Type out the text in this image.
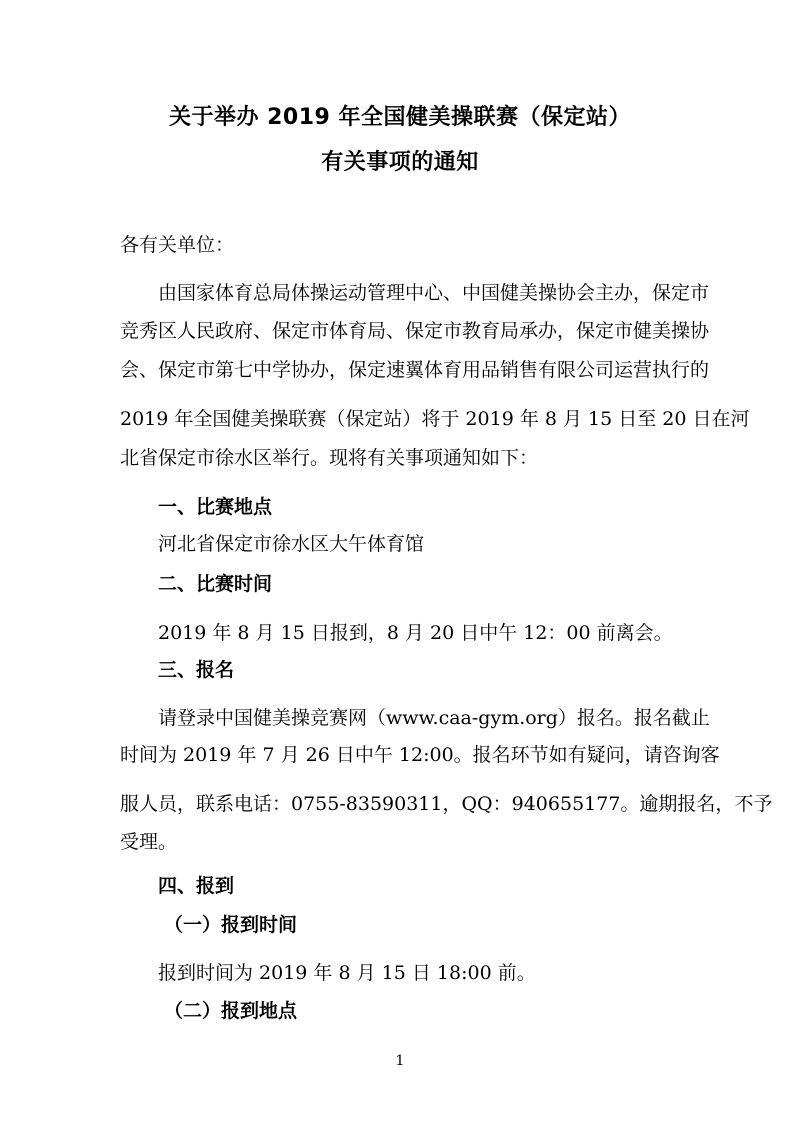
关于举办 2019 年全国健美操联赛（保定站）
有关事项的通知
各有关单位：
由国家体育总局体操运动管理中心、中国健美操协会主办，保定市
竞秀区人民政府、保定市体育局、保定市教育局承办，保定市健美操协
会、保定市第七中学协办，保定速翼体育用品销售有限公司运营执行的
2019 年全国健美操联赛（保定站）将于 2019 年 8 月 15 日至 20 日在河
北省保定市徐水区举行。现将有关事项通知如下：
一、比赛地点
河北省保定市徐水区大午体育馆
二、比赛时间
2019 年 8 月 15 日报到，8 月 20 日中午 12：00 前离会。
三、报名
请登录中国健美操竞赛网（www.caa-gym.org）报名。报名截止
时间为 2019 年 7 月 26 日中午 12:00。报名环节如有疑问，请咨询客
服人员，联系电话：0755-83590311，QQ：940655177。逾期报名，不予
受理。
四、报到
（一）报到时间
报到时间为 2019 年 8 月 15 日 18:00 前。
（二）报到地点
1
